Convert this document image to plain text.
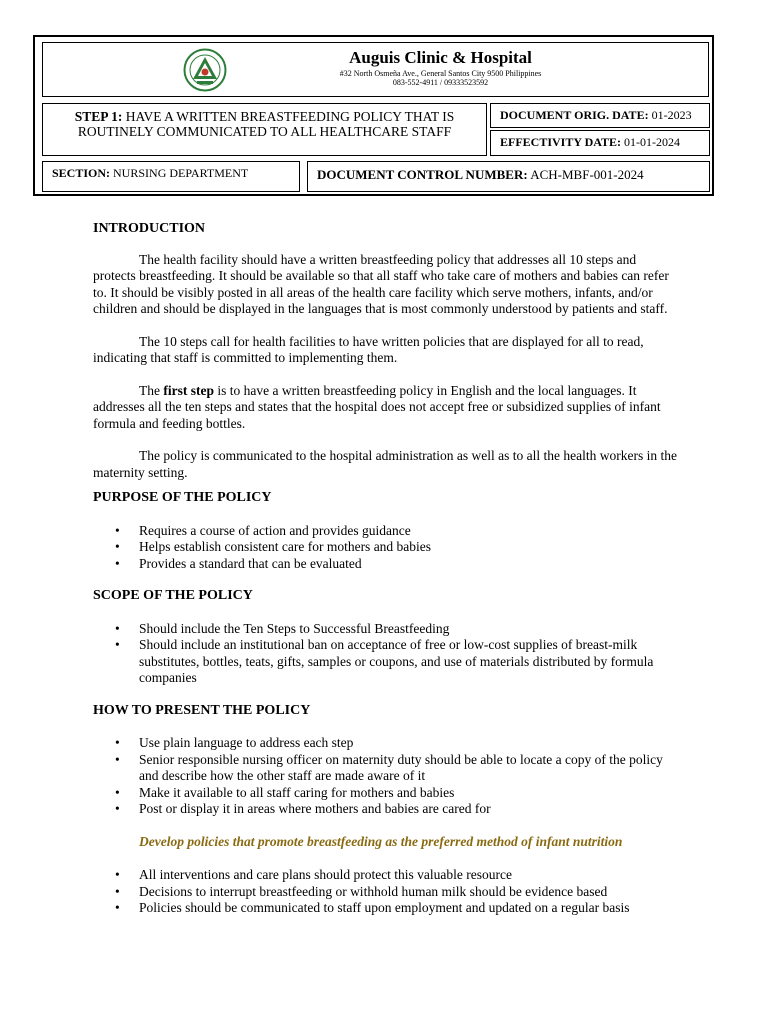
Auguis Clinic & Hospital
#32 North Osmeña Ave., General Santos City 9500 Philippines
083-552-4911 / 09333523592
STEP 1: HAVE A WRITTEN BREASTFEEDING POLICY THAT IS ROUTINELY COMMUNICATED TO ALL HEALTHCARE STAFF
DOCUMENT ORIG. DATE: 01-2023
EFFECTIVITY DATE: 01-01-2024
SECTION: NURSING DEPARTMENT	DOCUMENT CONTROL NUMBER: ACH-MBF-001-2024

INTRODUCTION

The health facility should have a written breastfeeding policy that addresses all 10 steps and protects breastfeeding. It should be available so that all staff who take care of mothers and babies can refer to. It should be visibly posted in all areas of the health care facility which serve mothers, infants, and/or children and should be displayed in the languages that is most commonly understood by patients and staff.

The 10 steps call for health facilities to have written policies that are displayed for all to read, indicating that staff is committed to implementing them.

The first step is to have a written breastfeeding policy in English and the local languages. It addresses all the ten steps and states that the hospital does not accept free or subsidized supplies of infant formula and feeding bottles.

The policy is communicated to the hospital administration as well as to all the health workers in the maternity setting.

PURPOSE OF THE POLICY

• Requires a course of action and provides guidance
• Helps establish consistent care for mothers and babies
• Provides a standard that can be evaluated

SCOPE OF THE POLICY

• Should include the Ten Steps to Successful Breastfeeding
• Should include an institutional ban on acceptance of free or low-cost supplies of breast-milk substitutes, bottles, teats, gifts, samples or coupons, and use of materials distributed by formula companies

HOW TO PRESENT THE POLICY

• Use plain language to address each step
• Senior responsible nursing officer on maternity duty should be able to locate a copy of the policy and describe how the other staff are made aware of it
• Make it available to all staff caring for mothers and babies
• Post or display it in areas where mothers and babies are cared for

Develop policies that promote breastfeeding as the preferred method of infant nutrition

• All interventions and care plans should protect this valuable resource
• Decisions to interrupt breastfeeding or withhold human milk should be evidence based
• Policies should be communicated to staff upon employment and updated on a regular basis
